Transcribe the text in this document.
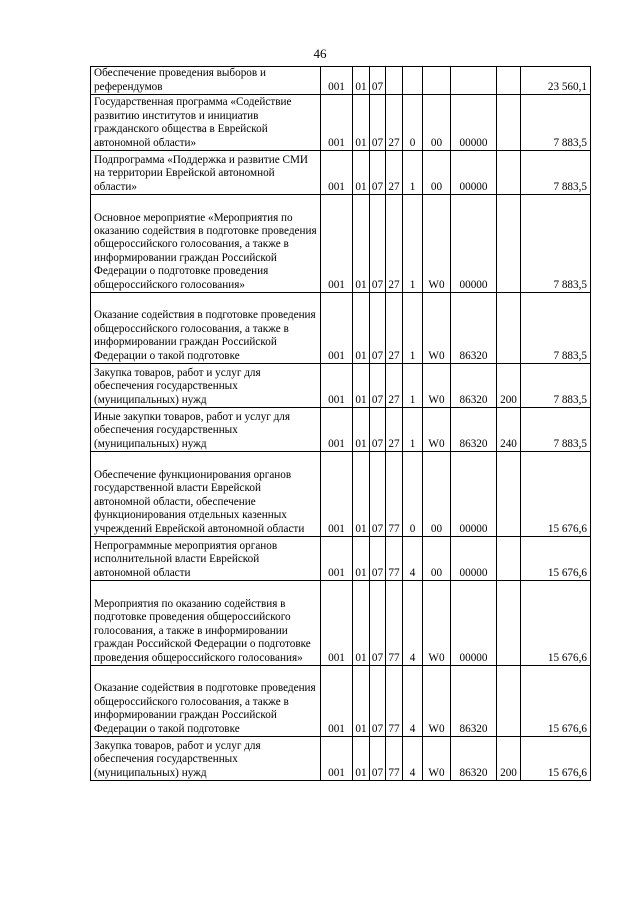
46
Обеспечение проведения выборов и референдумов	001	01	07						23 560,1
Государственная программа «Содействие развитию институтов и инициатив гражданского общества в Еврейской автономной области»	001	01	07	27	0	00	00000		7 883,5
Подпрограмма «Поддержка и развитие СМИ на территории Еврейской автономной области»	001	01	07	27	1	00	00000		7 883,5
Основное мероприятие «Мероприятия по оказанию содействия в подготовке проведения общероссийского голосования, а также в информировании граждан Российской Федерации о подготовке проведения общероссийского голосования»	001	01	07	27	1	W0	00000		7 883,5
Оказание содействия в подготовке проведения общероссийского голосования, а также в информировании граждан Российской Федерации о такой подготовке	001	01	07	27	1	W0	86320		7 883,5
Закупка товаров, работ и услуг для обеспечения государственных (муниципальных) нужд	001	01	07	27	1	W0	86320	200	7 883,5
Иные закупки товаров, работ и услуг для обеспечения государственных (муниципальных) нужд	001	01	07	27	1	W0	86320	240	7 883,5
Обеспечение функционирования органов государственной власти Еврейской автономной области, обеспечение функционирования отдельных казенных учреждений Еврейской автономной области	001	01	07	77	0	00	00000		15 676,6
Непрограммные мероприятия органов исполнительной власти Еврейской автономной области	001	01	07	77	4	00	00000		15 676,6
Мероприятия по оказанию содействия в подготовке проведения общероссийского голосования, а также в информировании граждан Российской Федерации о подготовке проведения общероссийского голосования»	001	01	07	77	4	W0	00000		15 676,6
Оказание содействия в подготовке проведения общероссийского голосования, а также в информировании граждан Российской Федерации о такой подготовке	001	01	07	77	4	W0	86320		15 676,6
Закупка товаров, работ и услуг для обеспечения государственных (муниципальных) нужд	001	01	07	77	4	W0	86320	200	15 676,6
